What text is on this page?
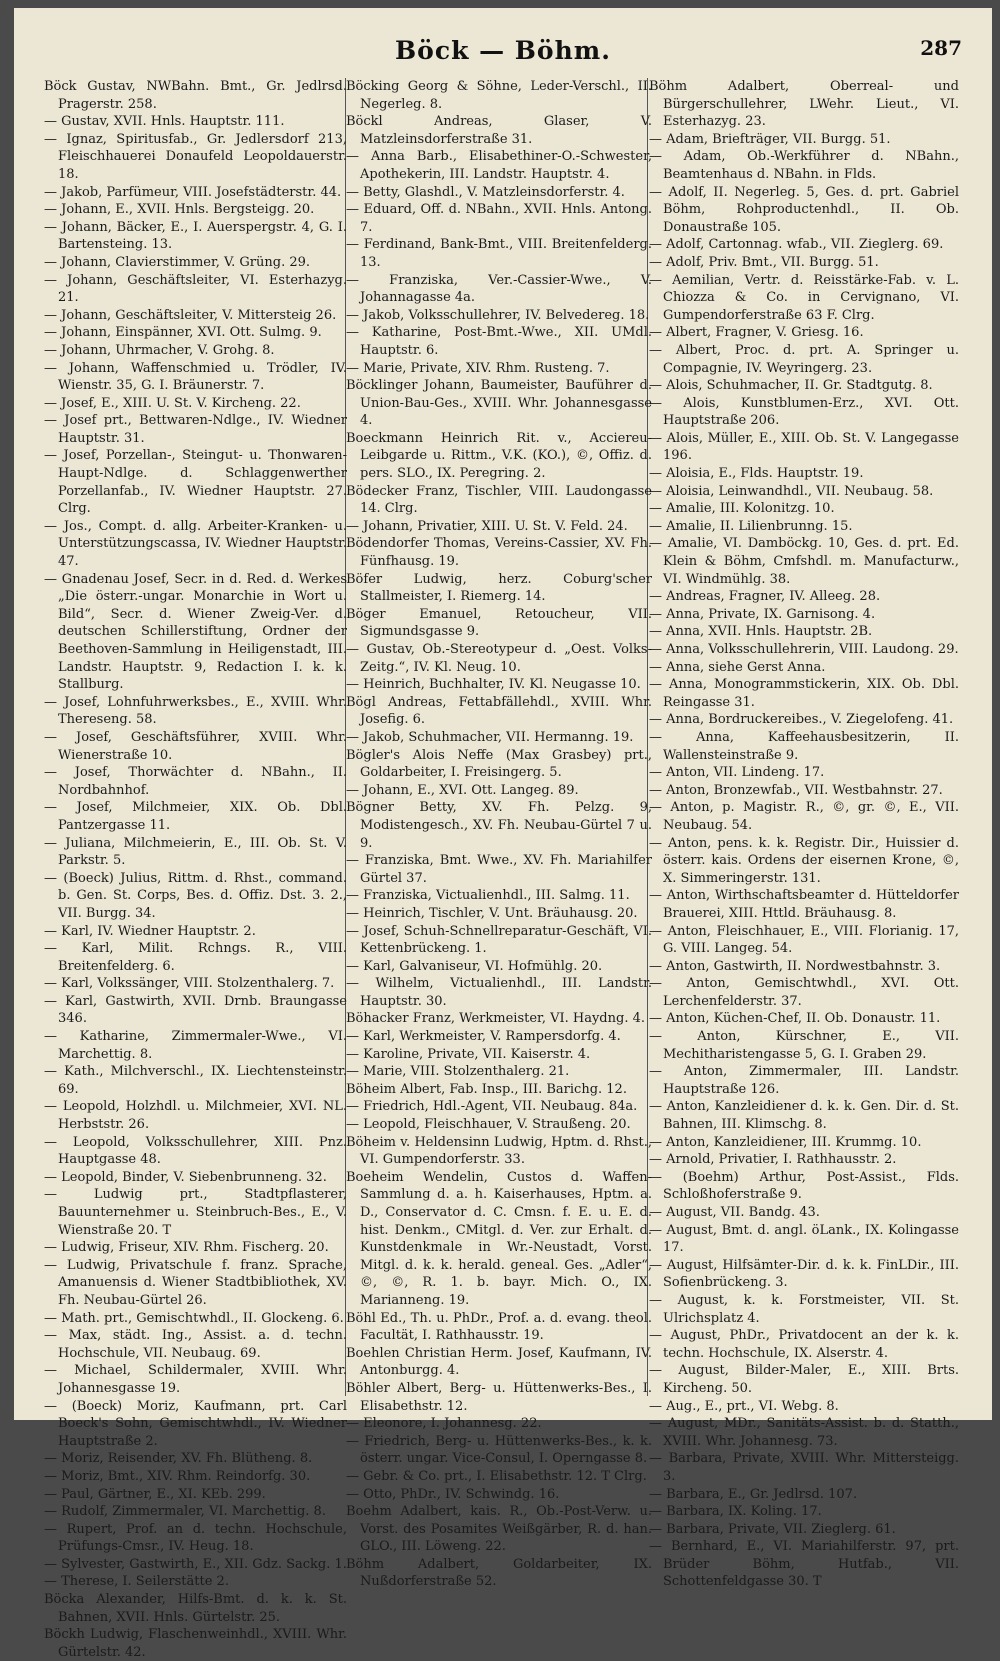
Böck — Böhm.	287

Böck Gustav, NWBahn. Bmt., Gr. Jedlrsd. Pragerstr. 258.

— Gustav, XVII. Hnls. Hauptstr. 111.

— Ignaz, Spiritusfab., Gr. Jedlersdorf 213, Fleischhauerei Donaufeld Leopoldauerstr. 18.

— Jakob, Parfümeur, VIII. Josefstädterstr. 44.

— Johann, E., XVII. Hnls. Bergsteigg. 20.

— Johann, Bäcker, E., I. Auerspergstr. 4, G. I. Bartensteing. 13.

— Johann, Clavierstimmer, V. Grüng. 29.

— Johann, Geschäftsleiter, VI. Esterhazyg. 21.

— Johann, Geschäftsleiter, V. Mittersteig 26.

— Johann, Einspänner, XVI. Ott. Sulmg. 9.

— Johann, Uhrmacher, V. Grohg. 8.

— Johann, Waffenschmied u. Trödler, IV. Wienstr. 35, G. I. Bräunerstr. 7.

— Josef, E., XIII. U. St. V. Kircheng. 22.

— Josef prt., Bettwaren-Ndlge., IV. Wiedner Hauptstr. 31.

— Josef, Porzellan-, Steingut- u. Thonwaren-Haupt-Ndlge. d. Schlaggenwerther Porzellanfab., IV. Wiedner Hauptstr. 27. Clrg.

— Jos., Compt. d. allg. Arbeiter-Kranken- u. Unterstützungscassa, IV. Wiedner Hauptstr. 47.

— Gnadenau Josef, Secr. in d. Red. d. Werkes „Die österr.-ungar. Monarchie in Wort u. Bild“, Secr. d. Wiener Zweig-Ver. d. deutschen Schillerstiftung, Ordner der Beethoven-Sammlung in Heiligenstadt, III. Landstr. Hauptstr. 9, Redaction I. k. k. Stallburg.

— Josef, Lohnfuhrwerksbes., E., XVIII. Whr. Thereseng. 58.

— Josef, Geschäftsführer, XVIII. Whr. Wienerstraße 10.

— Josef, Thorwächter d. NBahn., II. Nordbahnhof.

— Josef, Milchmeier, XIX. Ob. Dbl. Pantzergasse 11.

— Juliana, Milchmeierin, E., III. Ob. St. V. Parkstr. 5.

— (Boeck) Julius, Rittm. d. Rhst., command. b. Gen. St. Corps, Bes. d. Offiz. Dst. 3. 2., VII. Burgg. 34.

— Karl, IV. Wiedner Hauptstr. 2.

— Karl, Milit. Rchngs. R., VIII. Breitenfelderg. 6.

— Karl, Volkssänger, VIII. Stolzenthalerg. 7.

— Karl, Gastwirth, XVII. Drnb. Braungasse 346.

— Katharine, Zimmermaler-Wwe., VI. Marchettig. 8.

— Kath., Milchverschl., IX. Liechtensteinstr. 69.

— Leopold, Holzhdl. u. Milchmeier, XVI. NL. Herbststr. 26.

— Leopold, Volksschullehrer, XIII. Pnz. Hauptgasse 48.

— Leopold, Binder, V. Siebenbrunneng. 32.

— Ludwig prt., Stadtpflasterer, Bauunternehmer u. Steinbruch-Bes., E., V. Wienstraße 20. T

— Ludwig, Friseur, XIV. Rhm. Fischerg. 20.

— Ludwig, Privatschule f. franz. Sprache, Amanuensis d. Wiener Stadtbibliothek, XV. Fh. Neubau-Gürtel 26.

— Math. prt., Gemischtwhdl., II. Glockeng. 6.

— Max, städt. Ing., Assist. a. d. techn. Hochschule, VII. Neubaug. 69.

— Michael, Schildermaler, XVIII. Whr. Johannesgasse 19.

— (Boeck) Moriz, Kaufmann, prt. Carl Boeck's Sohn, Gemischtwhdl., IV. Wiedner Hauptstraße 2.

— Moriz, Reisender, XV. Fh. Blütheng. 8.

— Moriz, Bmt., XIV. Rhm. Reindorfg. 30.

— Paul, Gärtner, E., XI. KEb. 299.

— Rudolf, Zimmermaler, VI. Marchettig. 8.

— Rupert, Prof. an d. techn. Hochschule, Prüfungs-Cmsr., IV. Heug. 18.

— Sylvester, Gastwirth, E., XII. Gdz. Sackg. 1.

— Therese, I. Seilerstätte 2.

Böcka Alexander, Hilfs-Bmt. d. k. k. St. Bahnen, XVII. Hnls. Gürtelstr. 25.

Böckh Ludwig, Flaschenweinhdl., XVIII. Whr. Gürtelstr. 42.

Böcking Georg & Söhne, Leder-Verschl., II. Negerleg. 8.

Böckl Andreas, Glaser, V. Matzleinsdorferstraße 31.

— Anna Barb., Elisabethiner-O.-Schwester, Apothekerin, III. Landstr. Hauptstr. 4.

— Betty, Glashdl., V. Matzleinsdorferstr. 4.

— Eduard, Off. d. NBahn., XVII. Hnls. Antong. 7.

— Ferdinand, Bank-Bmt., VIII. Breitenfelderg. 13.

— Franziska, Ver.-Cassier-Wwe., V. Johannagasse 4a.

— Jakob, Volksschullehrer, IV. Belvedereg. 18.

— Katharine, Post-Bmt.-Wwe., XII. UMdl. Hauptstr. 6.

— Marie, Private, XIV. Rhm. Rusteng. 7.

Böcklinger Johann, Baumeister, Bauführer d. Union-Bau-Ges., XVIII. Whr. Johannesgasse 4.

Boeckmann Heinrich Rit. v., Acciereu-Leibgarde u. Rittm., V.K. (KO.), ©, Offiz. d. pers. SLO., IX. Peregring. 2.

Bödecker Franz, Tischler, VIII. Laudongasse 14. Clrg.

— Johann, Privatier, XIII. U. St. V. Feld. 24.

Bödendorfer Thomas, Vereins-Cassier, XV. Fh. Fünfhausg. 19.

Böfer Ludwig, herz. Coburg'scher Stallmeister, I. Riemerg. 14.

Böger Emanuel, Retoucheur, VII. Sigmundsgasse 9.

— Gustav, Ob.-Stereotypeur d. „Oest. Volks-Zeitg.“, IV. Kl. Neug. 10.

— Heinrich, Buchhalter, IV. Kl. Neugasse 10.

Bögl Andreas, Fettabfällehdl., XVIII. Whr. Josefig. 6.

— Jakob, Schuhmacher, VII. Hermanng. 19.

Bögler's Alois Neffe (Max Grasbey) prt., Goldarbeiter, I. Freisingerg. 5.

— Johann, E., XVI. Ott. Langeg. 89.

Bögner Betty, XV. Fh. Pelzg. 9, Modistengesch., XV. Fh. Neubau-Gürtel 7 u. 9.

— Franziska, Bmt. Wwe., XV. Fh. Mariahilfer Gürtel 37.

— Franziska, Victualienhdl., III. Salmg. 11.

— Heinrich, Tischler, V. Unt. Bräuhausg. 20.

— Josef, Schuh-Schnellreparatur-Geschäft, VI. Kettenbrückeng. 1.

— Karl, Galvaniseur, VI. Hofmühlg. 20.

— Wilhelm, Victualienhdl., III. Landstr. Hauptstr. 30.

Böhacker Franz, Werkmeister, VI. Haydng. 4.

— Karl, Werkmeister, V. Rampersdorfg. 4.

— Karoline, Private, VII. Kaiserstr. 4.

— Marie, VIII. Stolzenthalerg. 21.

Böheim Albert, Fab. Insp., III. Barichg. 12.

— Friedrich, Hdl.-Agent, VII. Neubaug. 84a.

— Leopold, Fleischhauer, V. Straußeng. 20.

Böheim v. Heldensinn Ludwig, Hptm. d. Rhst., VI. Gumpendorferstr. 33.

Boeheim Wendelin, Custos d. Waffen-Sammlung d. a. h. Kaiserhauses, Hptm. a. D., Conservator d. C. Cmsn. f. E. u. E. d. hist. Denkm., CMitgl. d. Ver. zur Erhalt. d. Kunstdenkmale in Wr.-Neustadt, Vorst. Mitgl. d. k. k. herald. geneal. Ges. „Adler“, ©, ©, R. 1. b. bayr. Mich. O., IX. Marianneng. 19.

Böhl Ed., Th. u. PhDr., Prof. a. d. evang. theol. Facultät, I. Rathhausstr. 19.

Boehlen Christian Herm. Josef, Kaufmann, IV. Antonburgg. 4.

Böhler Albert, Berg- u. Hüttenwerks-Bes., I. Elisabethstr. 12.

— Eleonore, I. Johannesg. 22.

— Friedrich, Berg- u. Hüttenwerks-Bes., k. k. österr. ungar. Vice-Consul, I. Operngasse 8.

— Gebr. & Co. prt., I. Elisabethstr. 12. T Clrg.

— Otto, PhDr., IV. Schwindg. 16.

Boehm Adalbert, kais. R., Ob.-Post-Verw. u. Vorst. des Posamites Weißgärber, R. d. han. GLO., III. Löweng. 22.

Böhm Adalbert, Goldarbeiter, IX. Nußdorferstraße 52.

Böhm Adalbert, Oberreal- und Bürgerschullehrer, LWehr. Lieut., VI. Esterhazyg. 23.

— Adam, Briefträger, VII. Burgg. 51.

— Adam, Ob.-Werkführer d. NBahn., Beamtenhaus d. NBahn. in Flds.

— Adolf, II. Negerleg. 5, Ges. d. prt. Gabriel Böhm, Rohproductenhdl., II. Ob. Donaustraße 105.

— Adolf, Cartonnag. wfab., VII. Zieglerg. 69.

— Adolf, Priv. Bmt., VII. Burgg. 51.

— Aemilian, Vertr. d. Reisstärke-Fab. v. L. Chiozza & Co. in Cervignano, VI. Gumpendorferstraße 63 F. Clrg.

— Albert, Fragner, V. Griesg. 16.

— Albert, Proc. d. prt. A. Springer u. Compagnie, IV. Weyringerg. 23.

— Alois, Schuhmacher, II. Gr. Stadtgutg. 8.

— Alois, Kunstblumen-Erz., XVI. Ott. Hauptstraße 206.

— Alois, Müller, E., XIII. Ob. St. V. Langegasse 196.

— Aloisia, E., Flds. Hauptstr. 19.

— Aloisia, Leinwandhdl., VII. Neubaug. 58.

— Amalie, III. Kolonitzg. 10.

— Amalie, II. Lilienbrunng. 15.

— Amalie, VI. Damböckg. 10, Ges. d. prt. Ed. Klein & Böhm, Cmfshdl. m. Manufacturw., VI. Windmühlg. 38.

— Andreas, Fragner, IV. Alleeg. 28.

— Anna, Private, IX. Garnisong. 4.

— Anna, XVII. Hnls. Hauptstr. 2B.

— Anna, Volksschullehrerin, VIII. Laudong. 29.

— Anna, siehe Gerst Anna.

— Anna, Monogrammstickerin, XIX. Ob. Dbl. Reingasse 31.

— Anna, Bordruckereibes., V. Ziegelofeng. 41.

— Anna, Kaffeehausbesitzerin, II. Wallensteinstraße 9.

— Anton, VII. Lindeng. 17.

— Anton, Bronzewfab., VII. Westbahnstr. 27.

— Anton, p. Magistr. R., ©, gr. ©, E., VII. Neubaug. 54.

— Anton, pens. k. k. Registr. Dir., Huissier d. österr. kais. Ordens der eisernen Krone, ©, X. Simmeringerstr. 131.

— Anton, Wirthschaftsbeamter d. Hütteldorfer Brauerei, XIII. Httld. Bräuhausg. 8.

— Anton, Fleischhauer, E., VIII. Florianig. 17, G. VIII. Langeg. 54.

— Anton, Gastwirth, II. Nordwestbahnstr. 3.

— Anton, Gemischtwhdl., XVI. Ott. Lerchenfelderstr. 37.

— Anton, Küchen-Chef, II. Ob. Donaustr. 11.

— Anton, Kürschner, E., VII. Mechitharistengasse 5, G. I. Graben 29.

— Anton, Zimmermaler, III. Landstr. Hauptstraße 126.

— Anton, Kanzleidiener d. k. k. Gen. Dir. d. St. Bahnen, III. Klimschg. 8.

— Anton, Kanzleidiener, III. Krummg. 10.

— Arnold, Privatier, I. Rathhausstr. 2.

— (Boehm) Arthur, Post-Assist., Flds. Schloßhoferstraße 9.

— August, VII. Bandg. 43.

— August, Bmt. d. angl. öLank., IX. Kolingasse 17.

— August, Hilfsämter-Dir. d. k. k. FinLDir., III. Sofienbrückeng. 3.

— August, k. k. Forstmeister, VII. St. Ulrichsplatz 4.

— August, PhDr., Privatdocent an der k. k. techn. Hochschule, IX. Alserstr. 4.

— August, Bilder-Maler, E., XIII. Brts. Kircheng. 50.

— Aug., E., prt., VI. Webg. 8.

— August, MDr., Sanitäts-Assist. b. d. Statth., XVIII. Whr. Johannesg. 73.

— Barbara, Private, XVIII. Whr. Mittersteigg. 3.

— Barbara, E., Gr. Jedlrsd. 107.

— Barbara, IX. Koling. 17.

— Barbara, Private, VII. Zieglerg. 61.

— Bernhard, E., VI. Mariahilferstr. 97, prt. Brüder Böhm, Hutfab., VII. Schottenfeldgasse 30. T
